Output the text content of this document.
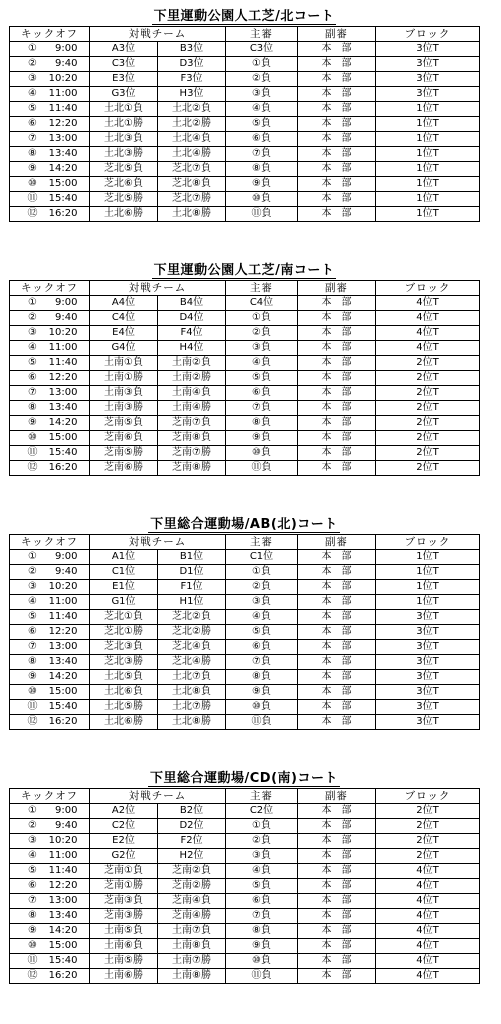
下里運動公園人工芝/北コート
キックオフ	対戦チーム		主審	副審	ブロック
① 9:00	A3位	B3位	C3位	本　部	3位T
② 9:40	C3位	D3位	①負	本　部	3位T
③ 10:20	E3位	F3位	②負	本　部	3位T
④ 11:00	G3位	H3位	③負	本　部	3位T
⑤ 11:40	土北①負	土北②負	④負	本　部	1位T
⑥ 12:20	土北①勝	土北②勝	⑤負	本　部	1位T
⑦ 13:00	土北③負	土北④負	⑥負	本　部	1位T
⑧ 13:40	土北③勝	土北④勝	⑦負	本　部	1位T
⑨ 14:20	芝北⑤負	芝北⑦負	⑧負	本　部	1位T
⑩ 15:00	芝北⑥負	芝北⑧負	⑨負	本　部	1位T
⑪ 15:40	芝北⑤勝	芝北⑦勝	⑩負	本　部	1位T
⑫ 16:20	土北⑥勝	土北⑧勝	⑪負	本　部	1位T
下里運動公園人工芝/南コート
キックオフ	対戦チーム		主審	副審	ブロック
① 9:00	A4位	B4位	C4位	本　部	4位T
② 9:40	C4位	D4位	①負	本　部	4位T
③ 10:20	E4位	F4位	②負	本　部	4位T
④ 11:00	G4位	H4位	③負	本　部	4位T
⑤ 11:40	土南①負	土南②負	④負	本　部	2位T
⑥ 12:20	土南①勝	土南②勝	⑤負	本　部	2位T
⑦ 13:00	土南③負	土南④負	⑥負	本　部	2位T
⑧ 13:40	土南③勝	土南④勝	⑦負	本　部	2位T
⑨ 14:20	芝南⑤負	芝南⑦負	⑧負	本　部	2位T
⑩ 15:00	芝南⑥負	芝南⑧負	⑨負	本　部	2位T
⑪ 15:40	芝南⑤勝	芝南⑦勝	⑩負	本　部	2位T
⑫ 16:20	芝南⑥勝	芝南⑧勝	⑪負	本　部	2位T
下里総合運動場/AB(北)コート
キックオフ	対戦チーム		主審	副審	ブロック
① 9:00	A1位	B1位	C1位	本　部	1位T
② 9:40	C1位	D1位	①負	本　部	1位T
③ 10:20	E1位	F1位	②負	本　部	1位T
④ 11:00	G1位	H1位	③負	本　部	1位T
⑤ 11:40	芝北①負	芝北②負	④負	本　部	3位T
⑥ 12:20	芝北①勝	芝北②勝	⑤負	本　部	3位T
⑦ 13:00	芝北③負	芝北④負	⑥負	本　部	3位T
⑧ 13:40	芝北③勝	芝北④勝	⑦負	本　部	3位T
⑨ 14:20	土北⑤負	土北⑦負	⑧負	本　部	3位T
⑩ 15:00	土北⑥負	土北⑧負	⑨負	本　部	3位T
⑪ 15:40	土北⑤勝	土北⑦勝	⑩負	本　部	3位T
⑫ 16:20	土北⑥勝	土北⑧勝	⑪負	本　部	3位T
下里総合運動場/CD(南)コート
キックオフ	対戦チーム		主審	副審	ブロック
① 9:00	A2位	B2位	C2位	本　部	2位T
② 9:40	C2位	D2位	①負	本　部	2位T
③ 10:20	E2位	F2位	②負	本　部	2位T
④ 11:00	G2位	H2位	③負	本　部	2位T
⑤ 11:40	芝南①負	芝南②負	④負	本　部	4位T
⑥ 12:20	芝南①勝	芝南②勝	⑤負	本　部	4位T
⑦ 13:00	芝南③負	芝南④負	⑥負	本　部	4位T
⑧ 13:40	芝南③勝	芝南④勝	⑦負	本　部	4位T
⑨ 14:20	土南⑤負	土南⑦負	⑧負	本　部	4位T
⑩ 15:00	土南⑥負	土南⑧負	⑨負	本　部	4位T
⑪ 15:40	土南⑤勝	土南⑦勝	⑩負	本　部	4位T
⑫ 16:20	土南⑥勝	土南⑧勝	⑪負	本　部	4位T
